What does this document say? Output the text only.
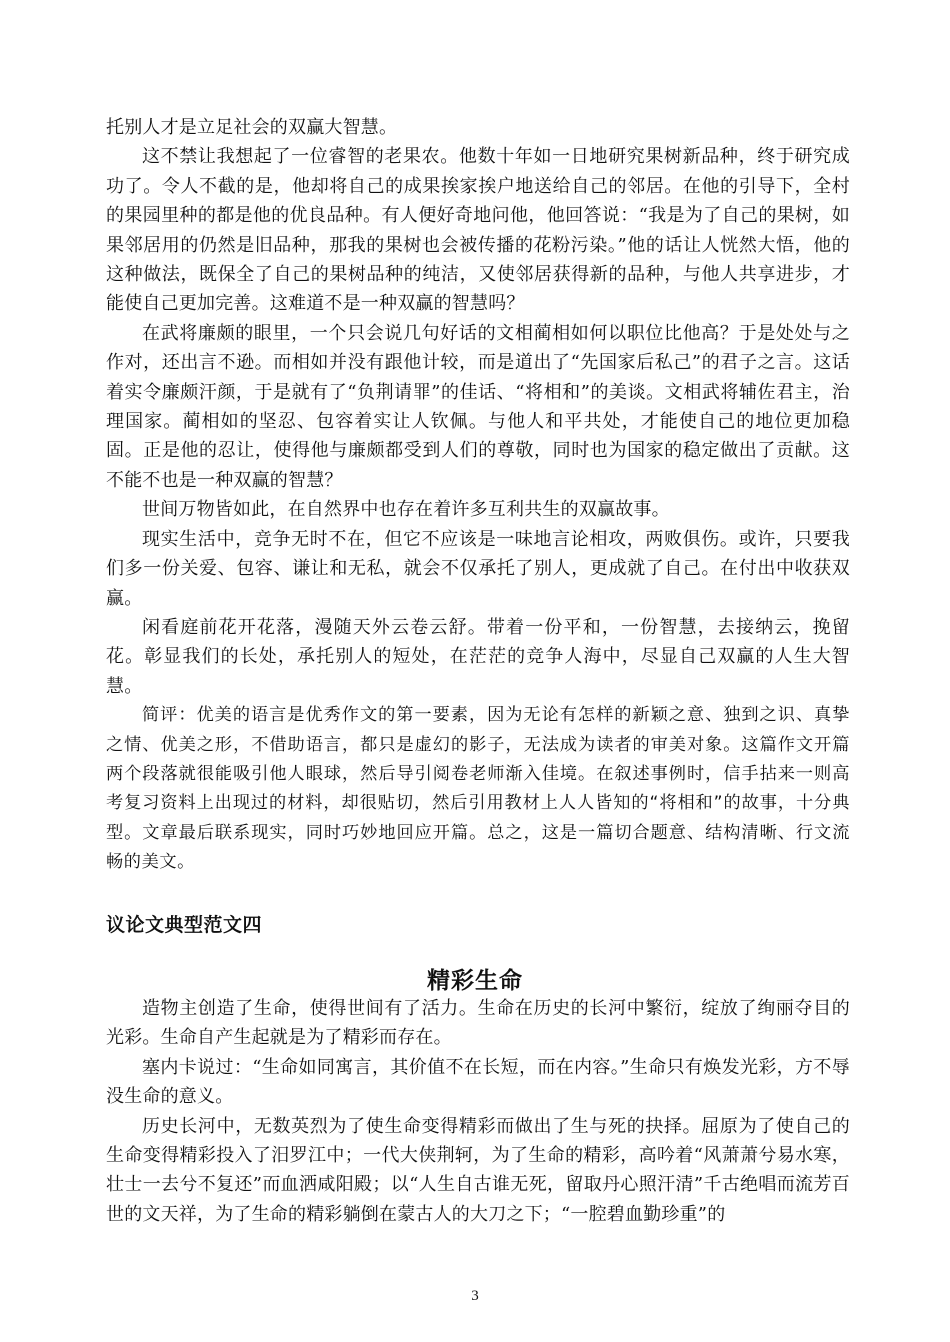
托别人才是立足社会的双赢大智慧。

这不禁让我想起了一位睿智的老果农。他数十年如一日地研究果树新品种，终于研究成功了。令人不截的是，他却将自己的成果挨家挨户地送给自己的邻居。在他的引导下，全村的果园里种的都是他的优良品种。有人便好奇地问他，他回答说：“我是为了自己的果树，如果邻居用的仍然是旧品种，那我的果树也会被传播的花粉污染。”他的话让人恍然大悟，他的这种做法，既保全了自己的果树品种的纯洁，又使邻居获得新的品种，与他人共享进步，才能使自己更加完善。这难道不是一种双赢的智慧吗？

在武将廉颇的眼里，一个只会说几句好话的文相蔺相如何以职位比他高？于是处处与之作对，还出言不逊。而相如并没有跟他计较，而是道出了“先国家后私己”的君子之言。这话着实令廉颇汗颜，于是就有了“负荆请罪”的佳话、“将相和”的美谈。文相武将辅佐君主，治理国家。蔺相如的坚忍、包容着实让人钦佩。与他人和平共处，才能使自己的地位更加稳固。正是他的忍让，使得他与廉颇都受到人们的尊敬，同时也为国家的稳定做出了贡献。这不能不也是一种双赢的智慧？

世间万物皆如此，在自然界中也存在着许多互利共生的双赢故事。

现实生活中，竞争无时不在，但它不应该是一味地言论相攻，两败俱伤。或许，只要我们多一份关爱、包容、谦让和无私，就会不仅承托了别人，更成就了自己。在付出中收获双赢。

闲看庭前花开花落，漫随天外云卷云舒。带着一份平和，一份智慧，去接纳云，挽留花。彰显我们的长处，承托别人的短处，在茫茫的竞争人海中，尽显自己双赢的人生大智慧。

简评：优美的语言是优秀作文的第一要素，因为无论有怎样的新颖之意、独到之识、真挚之情、优美之形，不借助语言，都只是虚幻的影子，无法成为读者的审美对象。这篇作文开篇两个段落就很能吸引他人眼球，然后导引阅卷老师渐入佳境。在叙述事例时，信手拈来一则高考复习资料上出现过的材料，却很贴切，然后引用教材上人人皆知的“将相和”的故事，十分典型。文章最后联系现实，同时巧妙地回应开篇。总之，这是一篇切合题意、结构清晰、行文流畅的美文。

议论文典型范文四
精彩生命

造物主创造了生命，使得世间有了活力。生命在历史的长河中繁衍，绽放了绚丽夺目的光彩。生命自产生起就是为了精彩而存在。

塞内卡说过：“生命如同寓言，其价值不在长短，而在内容。”生命只有焕发光彩，方不辱没生命的意义。

历史长河中，无数英烈为了使生命变得精彩而做出了生与死的抉择。屈原为了使自己的生命变得精彩投入了汨罗江中；一代大侠荆轲，为了生命的精彩，高吟着“风萧萧兮易水寒，壮士一去兮不复还”而血洒咸阳殿；以“人生自古谁无死，留取丹心照汗清”千古绝唱而流芳百世的文天祥，为了生命的精彩躺倒在蒙古人的大刀之下；“一腔碧血勤珍重”的

3
